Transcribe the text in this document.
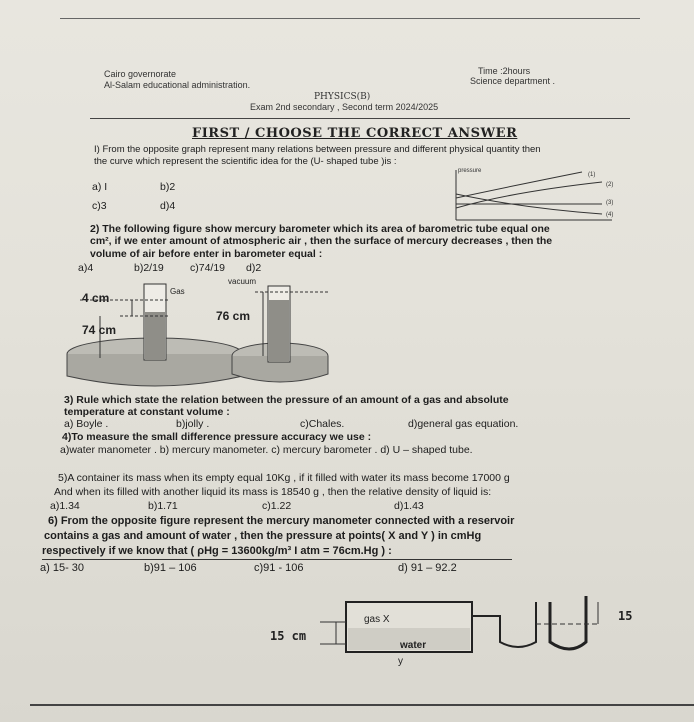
Cairo governorate
Al-Salam educational administration.
Time :2hours
Science department .
PHYSICS(B)
Exam 2nd secondary , Second term 2024/2025
FIRST / CHOOSE THE CORRECT ANSWER
I) From the opposite graph represent many relations between pressure and different physical quantity then
the curve which represent the scientific idea for the (U- shaped tube )is :
a) I	b)2
c)3	d)4
pressure
(1)
(2)
(3)
(4)
2) The following figure show mercury barometer which its area of barometric tube equal one
cm², if we enter amount of atmospheric air , then the surface of mercury decreases , then the
volume of air before enter in barometer equal :
a)4	b)2/19 c)74/19 d)2
4 cm	Gas
74 cm
vacuum
76 cm
3) Rule which state the relation between the pressure of an amount of a gas and absolute
temperature at constant volume :
a) Boyle .	b)jolly .	c)Chales.	d)general gas equation.
4)To measure the small difference pressure accuracy we use :
a)water manometer . b) mercury manometer. c) mercury barometer . d) U – shaped tube.
5)A container its mass when its empty equal 10Kg , if it filled with water its mass become 17000 g
And when its filled with another liquid its mass is 18540 g , then the relative density of liquid is:
a)1.34	b)1.71	c)1.22	d)1.43
6) From the opposite figure represent the mercury manometer connected with a reservoir
contains a gas and amount of water , then the pressure at points( X and Y ) in cmHg
respectively if we know that ( ρHg = 13600kg/m³ I atm = 76cm.Hg ) :
a) 15- 30	b)91 – 106	c)91 - 106	d) 91 – 92.2
15 cm
gas X
water
y
15
